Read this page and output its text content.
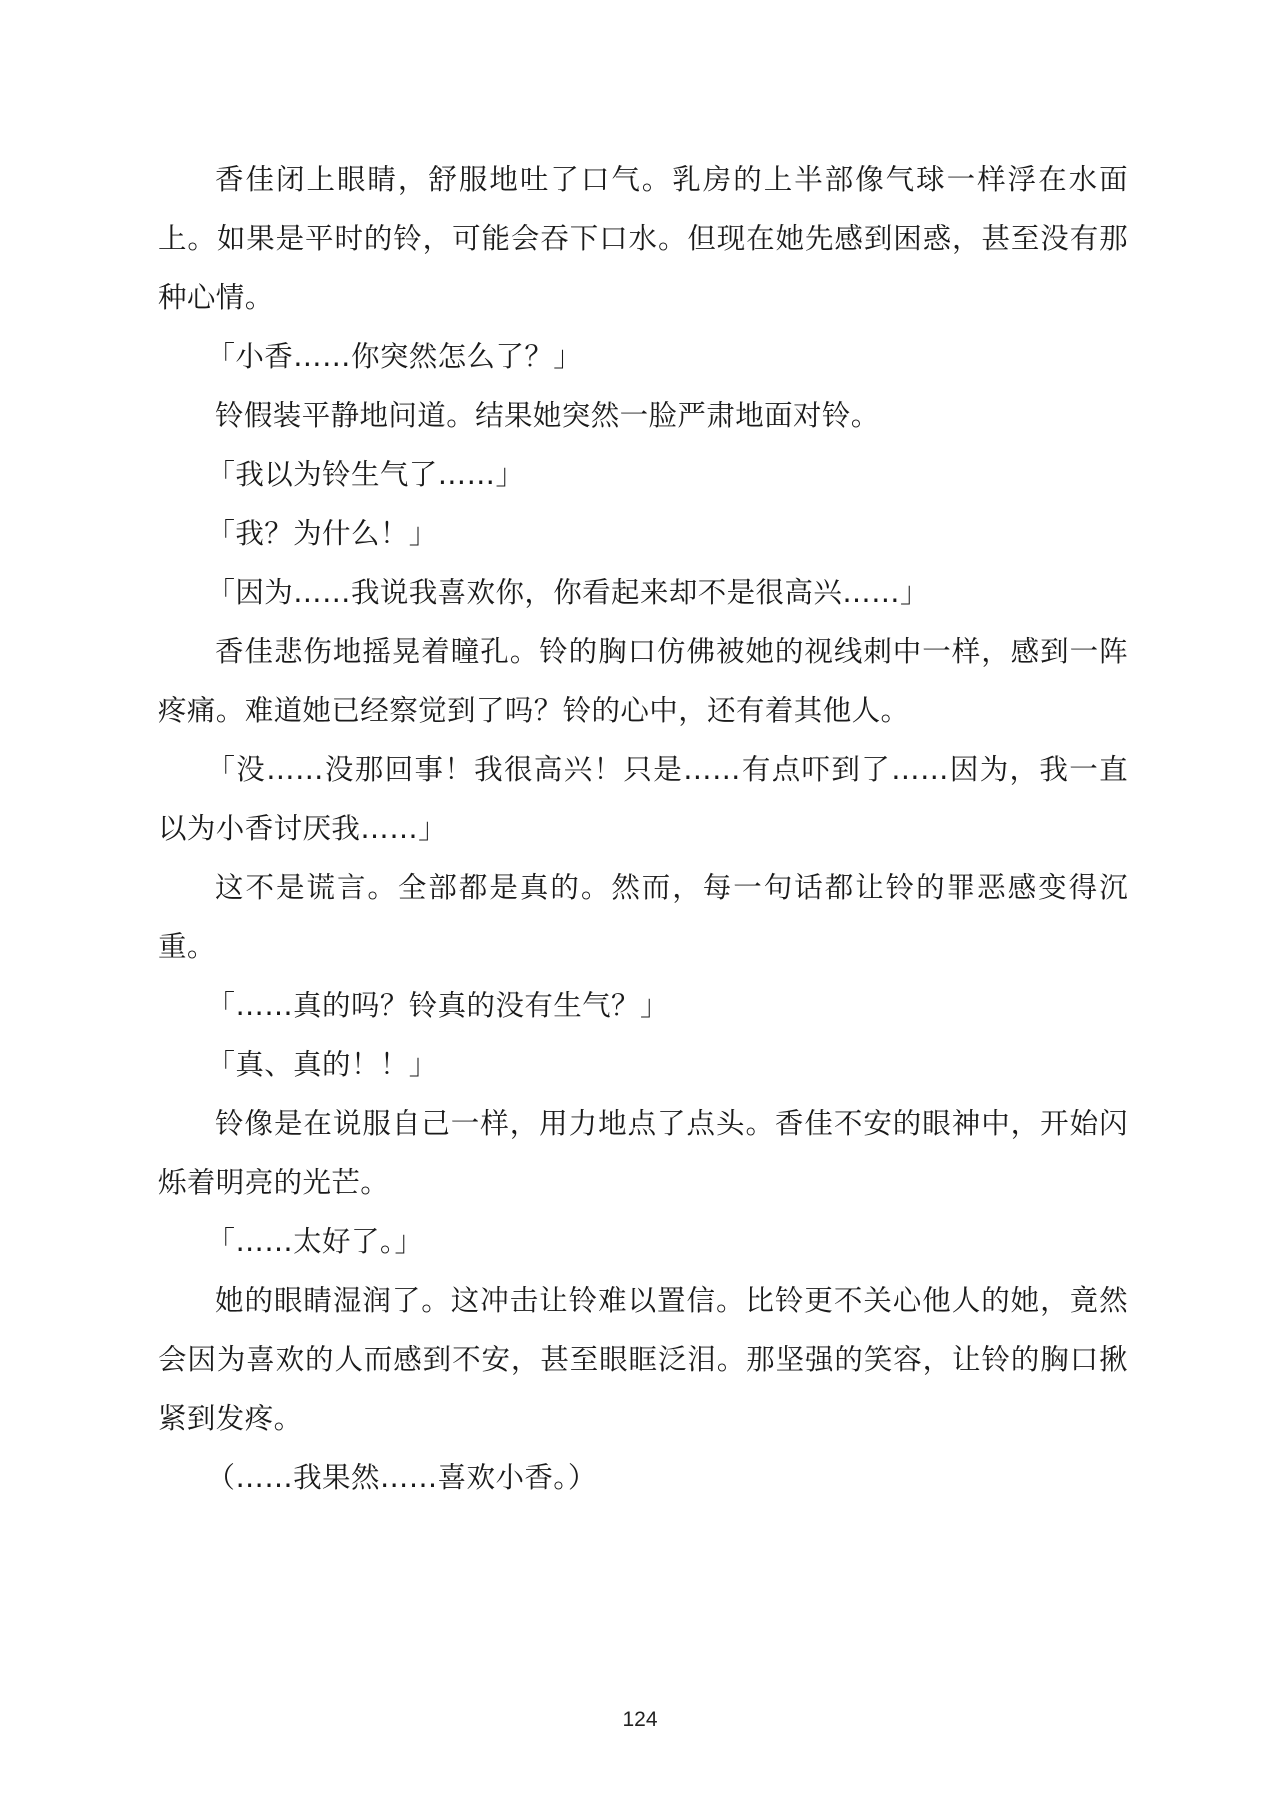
香佳闭上眼睛，舒服地吐了口气。乳房的上半部像气球一样浮在水面上。如果是平时的铃，可能会吞下口水。但现在她先感到困惑，甚至没有那种心情。

「小香……你突然怎么了？」

铃假装平静地问道。结果她突然一脸严肃地面对铃。

「我以为铃生气了……」

「我？为什么！」

「因为……我说我喜欢你，你看起来却不是很高兴……」

香佳悲伤地摇晃着瞳孔。铃的胸口仿佛被她的视线刺中一样，感到一阵疼痛。难道她已经察觉到了吗？铃的心中，还有着其他人。

「没……没那回事！我很高兴！只是……有点吓到了……因为，我一直以为小香讨厌我……」

这不是谎言。全部都是真的。然而，每一句话都让铃的罪恶感变得沉重。

「……真的吗？铃真的没有生气？」

「真、真的！！」

铃像是在说服自己一样，用力地点了点头。香佳不安的眼神中，开始闪烁着明亮的光芒。

「……太好了。」

她的眼睛湿润了。这冲击让铃难以置信。比铃更不关心他人的她，竟然会因为喜欢的人而感到不安，甚至眼眶泛泪。那坚强的笑容，让铃的胸口揪紧到发疼。

（……我果然……喜欢小香。）

124
